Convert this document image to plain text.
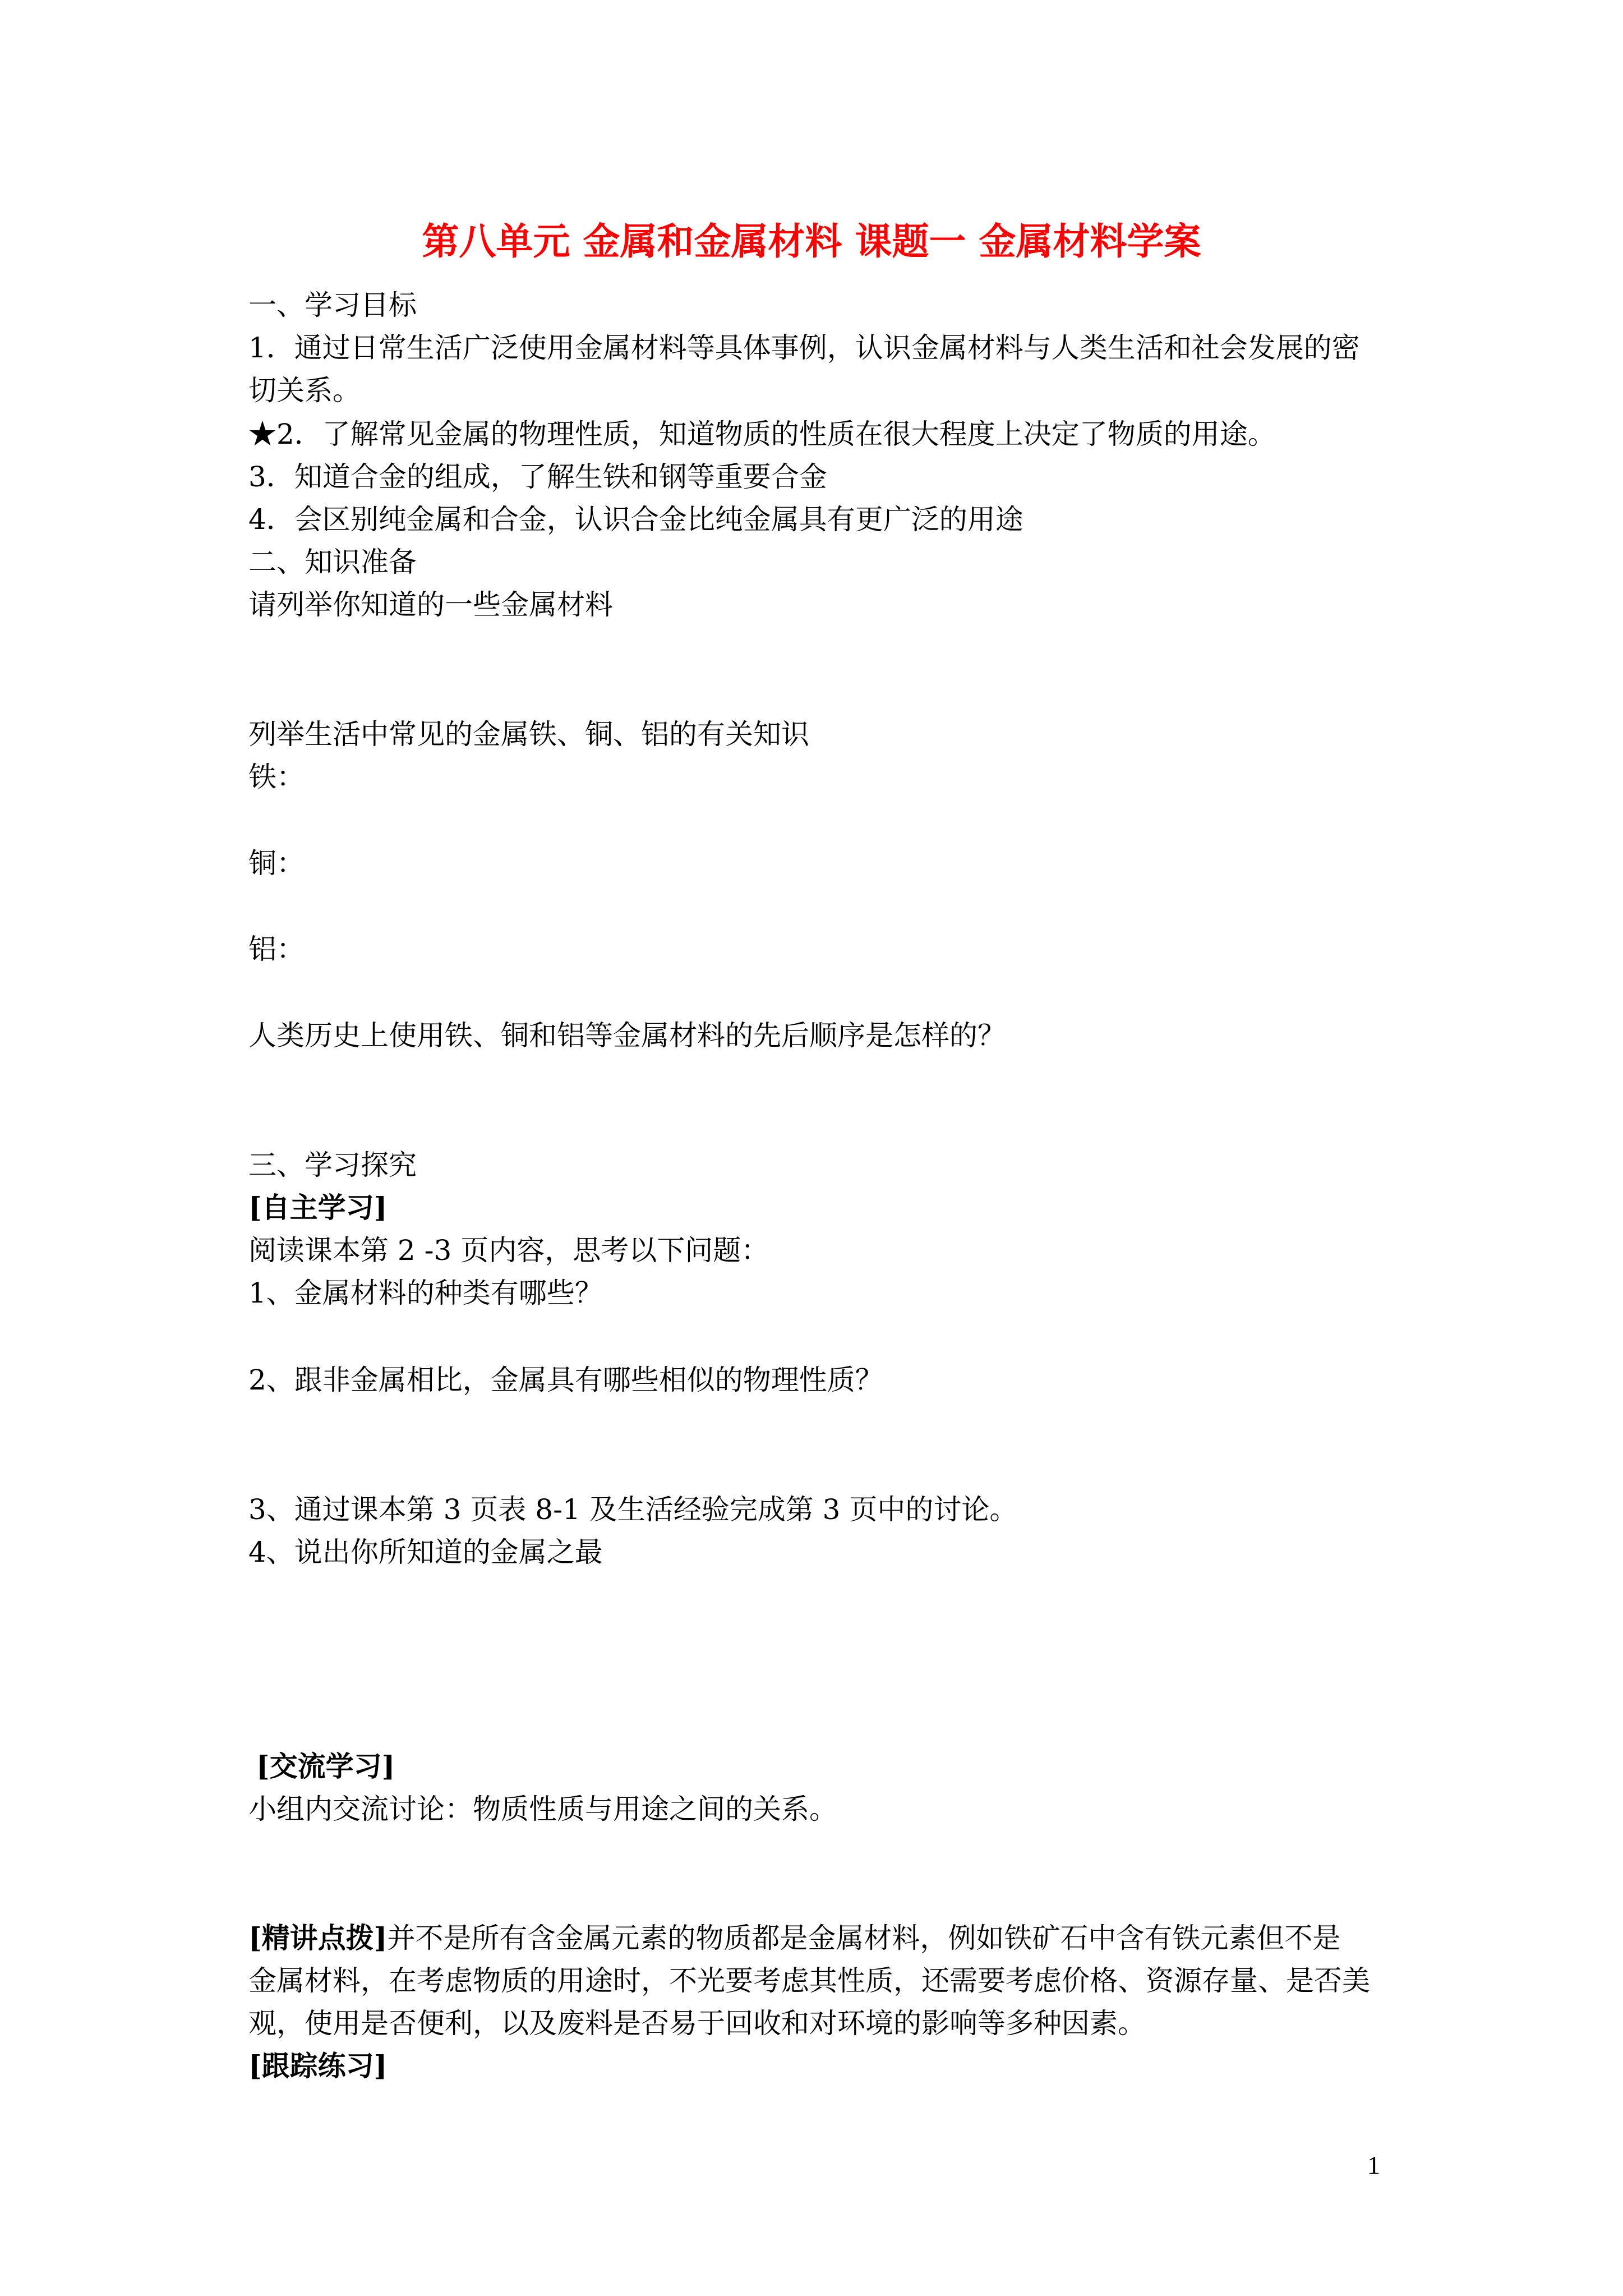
第八单元 金属和金属材料 课题一 金属材料学案
一、学习目标
1．通过日常生活广泛使用金属材料等具体事例，认识金属材料与人类生活和社会发展的密
切关系。
★2．了解常见金属的物理性质，知道物质的性质在很大程度上决定了物质的用途。
3．知道合金的组成，了解生铁和钢等重要合金
4．会区别纯金属和合金，认识合金比纯金属具有更广泛的用途
二、知识准备
请列举你知道的一些金属材料
列举生活中常见的金属铁、铜、铝的有关知识
铁：
铜：
铝：
人类历史上使用铁、铜和铝等金属材料的先后顺序是怎样的？
三、学习探究
[自主学习]
阅读课本第 2 -3 页内容，思考以下问题：
1、金属材料的种类有哪些？
2、跟非金属相比，金属具有哪些相似的物理性质？
3、通过课本第 3 页表 8-1 及生活经验完成第 3 页中的讨论。
4、说出你所知道的金属之最
[交流学习]
小组内交流讨论：物质性质与用途之间的关系。
[精讲点拨]并不是所有含金属元素的物质都是金属材料，例如铁矿石中含有铁元素但不是
金属材料，在考虑物质的用途时，不光要考虑其性质，还需要考虑价格、资源存量、是否美
观，使用是否便利，以及废料是否易于回收和对环境的影响等多种因素。
[跟踪练习]
1
